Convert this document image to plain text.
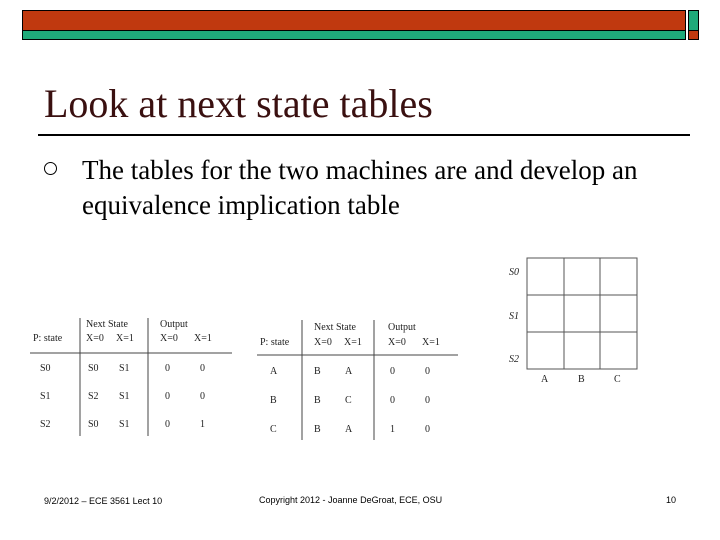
Look at next state tables
The tables for the two machines are and develop an equivalence implication table
Next State	Output
P: state X=0 X=1	X=0 X=1
S0	S0 S1	0	0
S1	S2 S1	0	0
S2	S0 S1	0	1
Next State	Output
P: state X=0 X=1	X=0 X=1
A	B A	0	0
B	B C	0	0
C	B A	1	0
S0
S1
S2
A	B	C
9/2/2012 – ECE 3561 Lect 10	Copyright 2012 - Joanne DeGroat, ECE, OSU	10
